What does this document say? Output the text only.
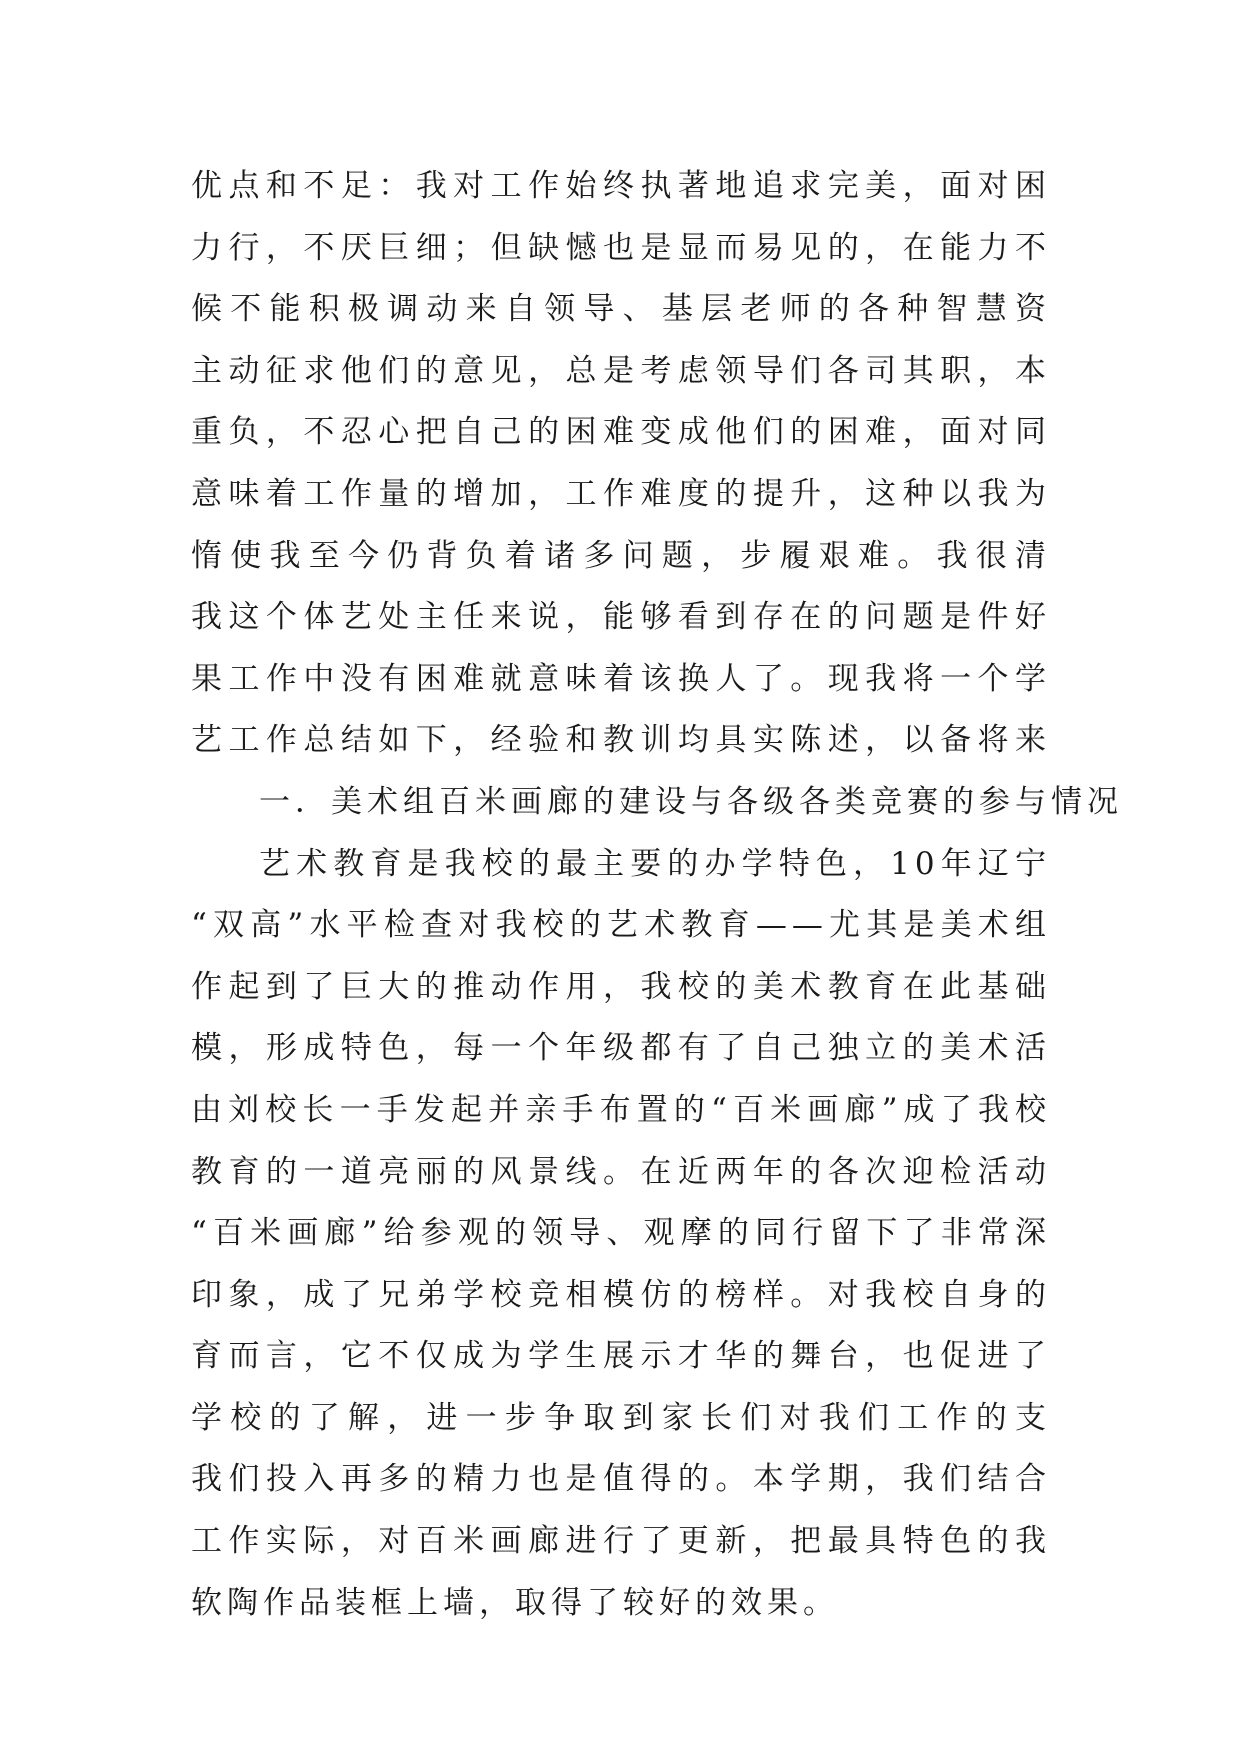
优点和不足：我对工作始终执著地追求完美，面对困
力行，不厌巨细；但缺憾也是显而易见的，在能力不
候不能积极调动来自领导、基层老师的各种智慧资
主动征求他们的意见，总是考虑领导们各司其职，本
重负，不忍心把自己的困难变成他们的困难，面对同
意味着工作量的增加，工作难度的提升，这种以我为
惰使我至今仍背负着诸多问题，步履艰难。我很清
我这个体艺处主任来说，能够看到存在的问题是件好
果工作中没有困难就意味着该换人了。现我将一个学
艺工作总结如下，经验和教训均具实陈述，以备将来
一．美术组百米画廊的建设与各级各类竞赛的参与情况
艺术教育是我校的最主要的办学特色，10年辽宁
“双高”水平检查对我校的艺术教育——尤其是美术组
作起到了巨大的推动作用，我校的美术教育在此基础
模，形成特色，每一个年级都有了自己独立的美术活
由刘校长一手发起并亲手布置的“百米画廊”成了我校
教育的一道亮丽的风景线。在近两年的各次迎检活动
“百米画廊”给参观的领导、观摩的同行留下了非常深
印象，成了兄弟学校竞相模仿的榜样。对我校自身的
育而言，它不仅成为学生展示才华的舞台，也促进了
学校的了解，进一步争取到家长们对我们工作的支
我们投入再多的精力也是值得的。本学期，我们结合
工作实际，对百米画廊进行了更新，把最具特色的我
软陶作品装框上墙，取得了较好的效果。
